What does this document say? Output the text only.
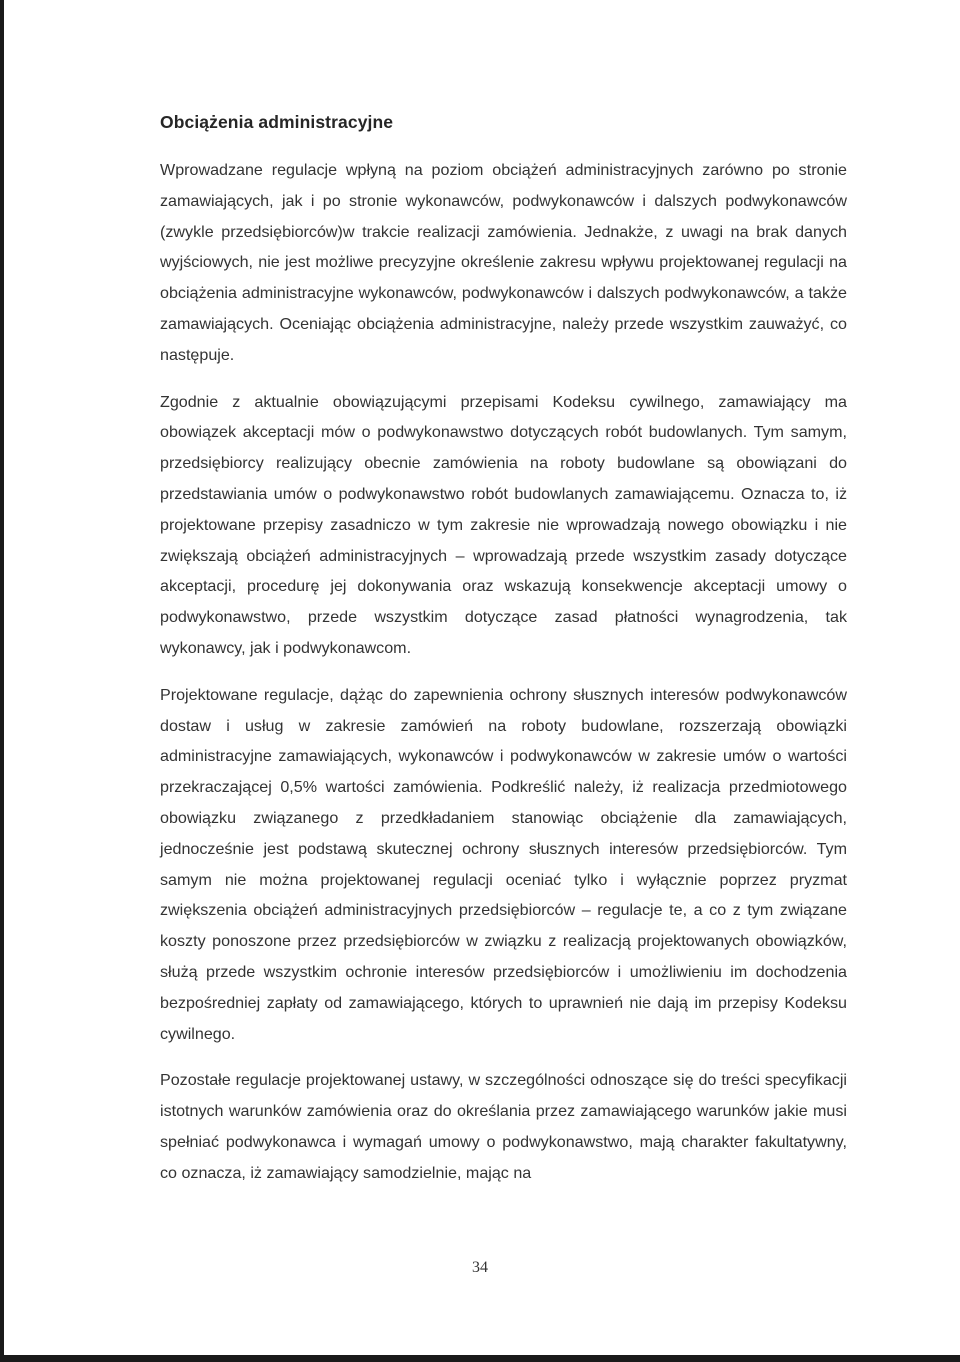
Obciążenia administracyjne

Wprowadzane regulacje wpłyną na poziom obciążeń administracyjnych zarówno po stronie zamawiających, jak i po stronie wykonawców, podwykonawców i dalszych podwykonawców (zwykle przedsiębiorców)w trakcie realizacji zamówienia. Jednakże, z uwagi na brak danych wyjściowych, nie jest możliwe precyzyjne określenie zakresu wpływu projektowanej regulacji na obciążenia administracyjne wykonawców, podwykonawców i dalszych podwykonawców, a także zamawiających. Oceniając obciążenia administracyjne, należy przede wszystkim zauważyć, co następuje.

Zgodnie z aktualnie obowiązującymi przepisami Kodeksu cywilnego, zamawiający ma obowiązek akceptacji mów o podwykonawstwo dotyczących robót budowlanych. Tym samym, przedsiębiorcy realizujący obecnie zamówienia na roboty budowlane są obowiązani do przedstawiania umów o podwykonawstwo robót budowlanych zamawiającemu. Oznacza to, iż projektowane przepisy zasadniczo w tym zakresie nie wprowadzają nowego obowiązku i nie zwiększają obciążeń administracyjnych – wprowadzają przede wszystkim zasady dotyczące akceptacji, procedurę jej dokonywania oraz wskazują konsekwencje akceptacji umowy o podwykonawstwo, przede wszystkim dotyczące zasad płatności wynagrodzenia, tak wykonawcy, jak i podwykonawcom.

Projektowane regulacje, dążąc do zapewnienia ochrony słusznych interesów podwykonawców dostaw i usług w zakresie zamówień na roboty budowlane, rozszerzają obowiązki administracyjne zamawiających, wykonawców i podwykonawców w zakresie umów o wartości przekraczającej 0,5% wartości zamówienia. Podkreślić należy, iż realizacja przedmiotowego obowiązku związanego z przedkładaniem stanowiąc obciążenie dla zamawiających, jednocześnie jest podstawą skutecznej ochrony słusznych interesów przedsiębiorców. Tym samym nie można projektowanej regulacji oceniać tylko i wyłącznie poprzez pryzmat zwiększenia obciążeń administracyjnych przedsiębiorców – regulacje te, a co z tym związane koszty ponoszone przez przedsiębiorców w związku z realizacją projektowanych obowiązków, służą przede wszystkim ochronie interesów przedsiębiorców i umożliwieniu im dochodzenia bezpośredniej zapłaty od zamawiającego, których to uprawnień nie dają im przepisy Kodeksu cywilnego.

Pozostałe regulacje projektowanej ustawy, w szczególności odnoszące się do treści specyfikacji istotnych warunków zamówienia oraz do określania przez zamawiającego warunków jakie musi spełniać podwykonawca i wymagań umowy o podwykonawstwo, mają charakter fakultatywny, co oznacza, iż zamawiający samodzielnie, mając na

34
